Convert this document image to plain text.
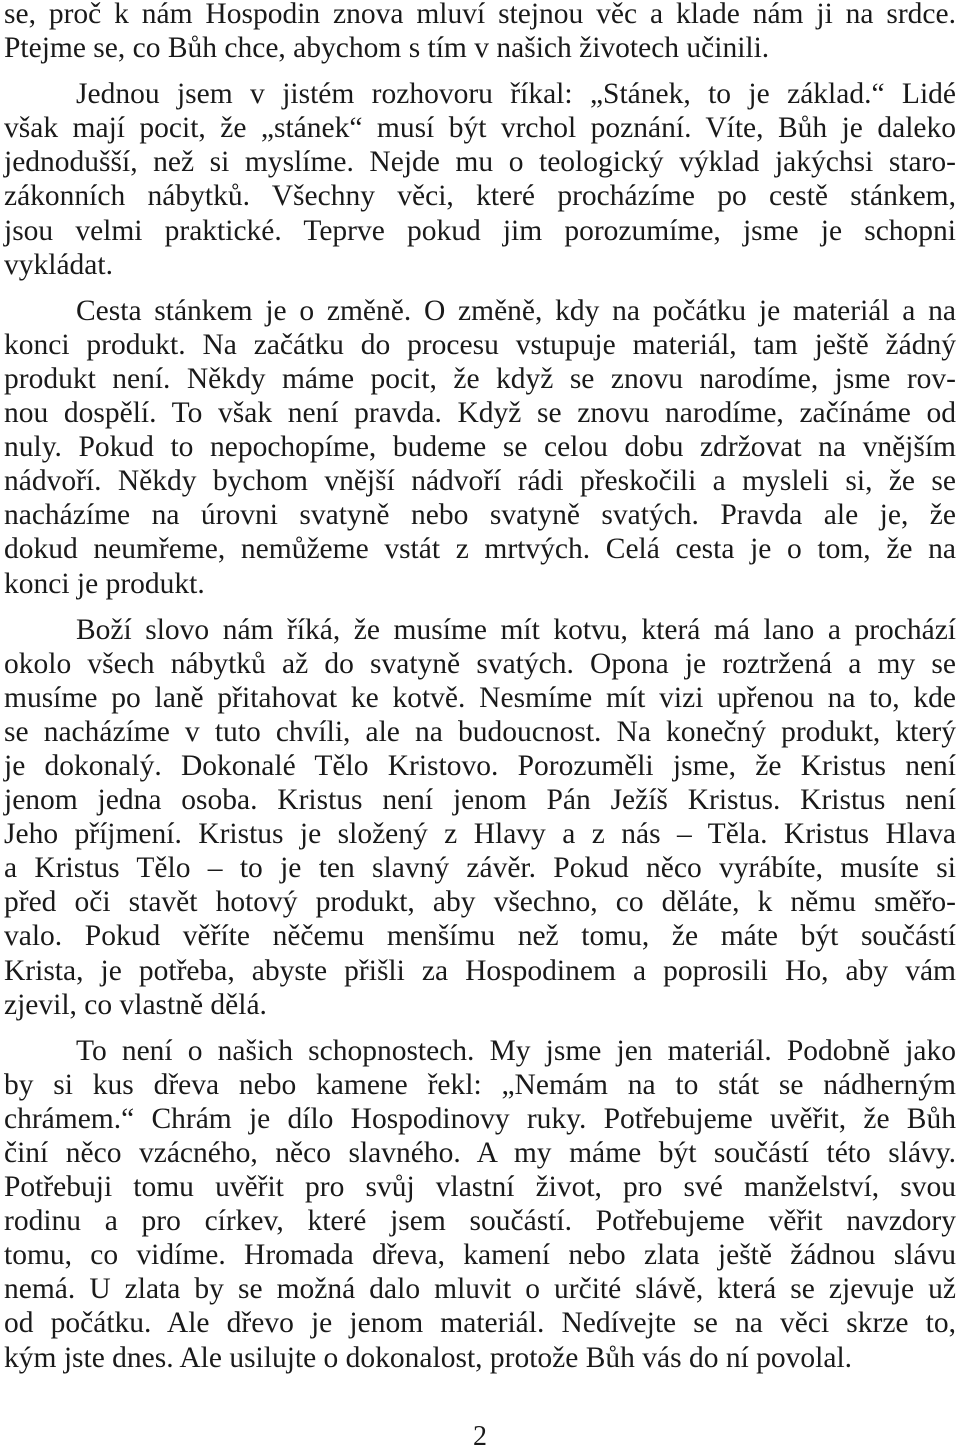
se, proč k nám Hospodin znova mluví stejnou věc a klade nám ji na srdce.
Ptejme se, co Bůh chce, abychom s tím v našich životech učinili.
Jednou jsem v jistém rozhovoru říkal: „Stánek, to je základ.“ Lidé
však mají pocit, že „stánek“ musí být vrchol poznání. Víte, Bůh je daleko
jednodušší, než si myslíme. Nejde mu o teologický výklad jakýchsi staro-
zákonních nábytků. Všechny věci, které procházíme po cestě stánkem,
jsou velmi praktické. Teprve pokud jim porozumíme, jsme je schopni
vykládat.
Cesta stánkem je o změně. O změně, kdy na počátku je materiál a na
konci produkt. Na začátku do procesu vstupuje materiál, tam ještě žádný
produkt není. Někdy máme pocit, že když se znovu narodíme, jsme rov-
nou dospělí. To však není pravda. Když se znovu narodíme, začínáme od
nuly. Pokud to nepochopíme, budeme se celou dobu zdržovat na vnějším
nádvoří. Někdy bychom vnější nádvoří rádi přeskočili a mysleli si, že se
nacházíme na úrovni svatyně nebo svatyně svatých. Pravda ale je, že
dokud neumřeme, nemůžeme vstát z mrtvých. Celá cesta je o tom, že na
konci je produkt.
Boží slovo nám říká, že musíme mít kotvu, která má lano a prochází
okolo všech nábytků až do svatyně svatých. Opona je roztržená a my se
musíme po laně přitahovat ke kotvě. Nesmíme mít vizi upřenou na to, kde
se nacházíme v tuto chvíli, ale na budoucnost. Na konečný produkt, který
je dokonalý. Dokonalé Tělo Kristovo. Porozuměli jsme, že Kristus není
jenom jedna osoba. Kristus není jenom Pán Ježíš Kristus. Kristus není
Jeho příjmení. Kristus je složený z Hlavy a z nás – Těla. Kristus Hlava
a Kristus Tělo – to je ten slavný závěr. Pokud něco vyrábíte, musíte si
před oči stavět hotový produkt, aby všechno, co děláte, k němu směřo-
valo. Pokud věříte něčemu menšímu než tomu, že máte být součástí
Krista, je potřeba, abyste přišli za Hospodinem a poprosili Ho, aby vám
zjevil, co vlastně dělá.
To není o našich schopnostech. My jsme jen materiál. Podobně jako
by si kus dřeva nebo kamene řekl: „Nemám na to stát se nádherným
chrámem.“ Chrám je dílo Hospodinovy ruky. Potřebujeme uvěřit, že Bůh
činí něco vzácného, něco slavného. A my máme být součástí této slávy.
Potřebuji tomu uvěřit pro svůj vlastní život, pro své manželství, svou
rodinu a pro církev, které jsem součástí. Potřebujeme věřit navzdory
tomu, co vidíme. Hromada dřeva, kamení nebo zlata ještě žádnou slávu
nemá. U zlata by se možná dalo mluvit o určité slávě, která se zjevuje už
od počátku. Ale dřevo je jenom materiál. Nedívejte se na věci skrze to,
kým jste dnes. Ale usilujte o dokonalost, protože Bůh vás do ní povolal.
2
